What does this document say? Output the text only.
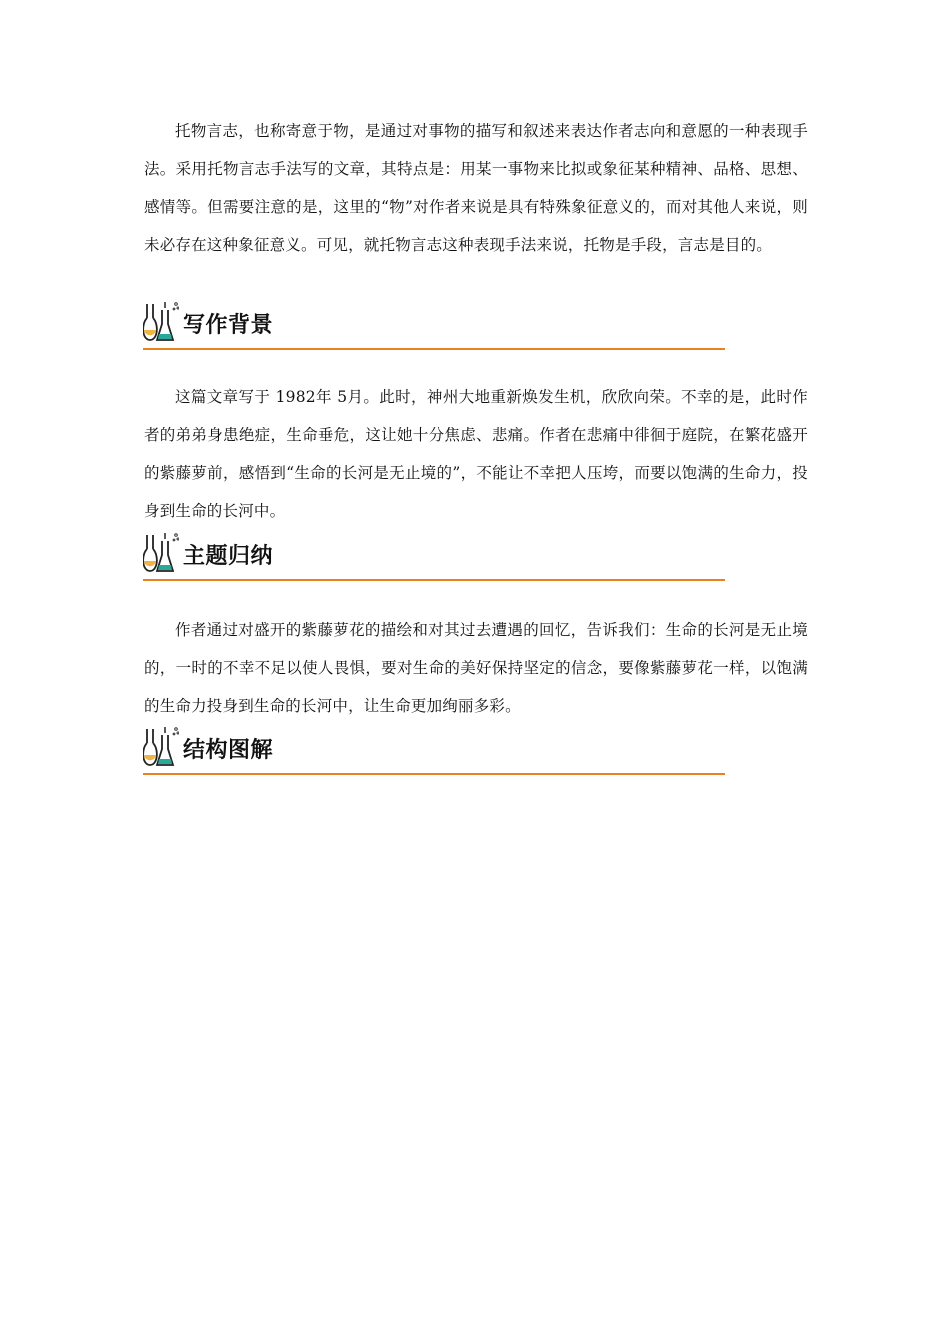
托物言志，也称寄意于物，是通过对事物的描写和叙述来表达作者志向和意愿的一种表现手法。采用托物言志手法写的文章，其特点是：用某一事物来比拟或象征某种精神、品格、思想、感情等。但需要注意的是，这里的“物”对作者来说是具有特殊象征意义的，而对其他人来说，则未必存在这种象征意义。可见，就托物言志这种表现手法来说，托物是手段，言志是目的。

写作背景

这篇文章写于 1982年 5月。此时，神州大地重新焕发生机，欣欣向荣。不幸的是，此时作者的弟弟身患绝症，生命垂危，这让她十分焦虑、悲痛。作者在悲痛中徘徊于庭院，在繁花盛开的紫藤萝前，感悟到“生命的长河是无止境的”，不能让不幸把人压垮，而要以饱满的生命力，投身到生命的长河中。

主题归纳

作者通过对盛开的紫藤萝花的描绘和对其过去遭遇的回忆，告诉我们：生命的长河是无止境的，一时的不幸不足以使人畏惧，要对生命的美好保持坚定的信念，要像紫藤萝花一样，以饱满的生命力投身到生命的长河中，让生命更加绚丽多彩。

结构图解
